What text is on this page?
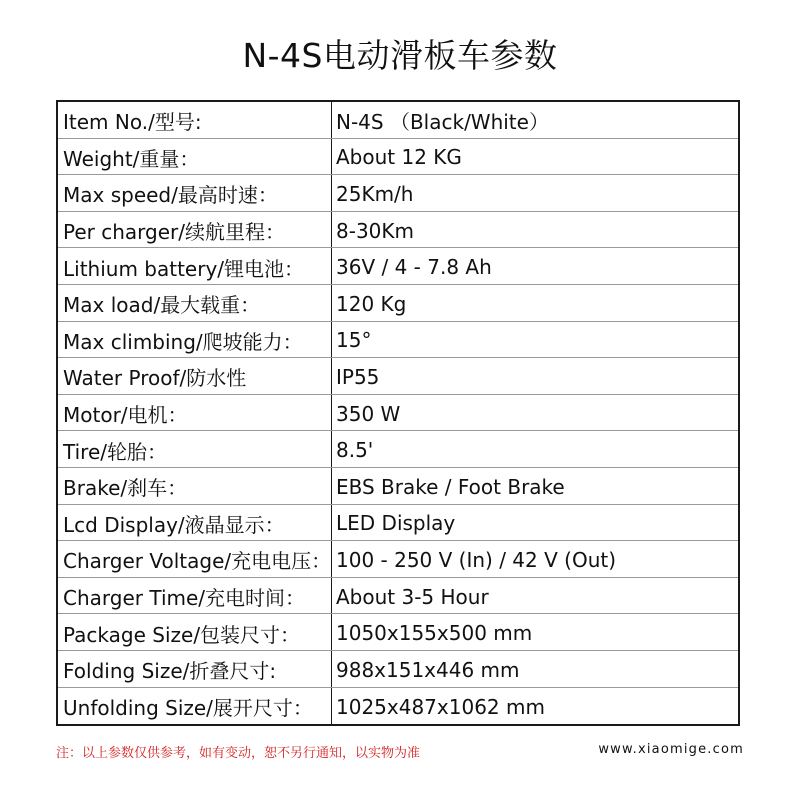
N-4S电动滑板车参数
Item No./型号:	N-4S （Black/White）
Weight/重量：	About 12 KG
Max speed/最高时速：	25Km/h
Per charger/续航里程：	8-30Km
Lithium battery/锂电池：	36V / 4 - 7.8 Ah
Max load/最大载重：	120 Kg
Max climbing/爬坡能力：	15°
Water Proof/防水性	IP55
Motor/电机：	350 W
Tire/轮胎：	8.5'
Brake/刹车：	EBS Brake / Foot Brake
Lcd Display/液晶显示：	LED Display
Charger Voltage/充电电压： 100 - 250 V (In) / 42 V (Out)
Charger Time/充电时间：	About 3-5 Hour
Package Size/包装尺寸：	1050x155x500 mm
Folding Size/折叠尺寸:	988x151x446 mm
Unfolding Size/展开尺寸：	1025x487x1062 mm
注：以上参数仅供参考，如有变动，恕不另行通知，以实物为准	www.xiaomige.com
